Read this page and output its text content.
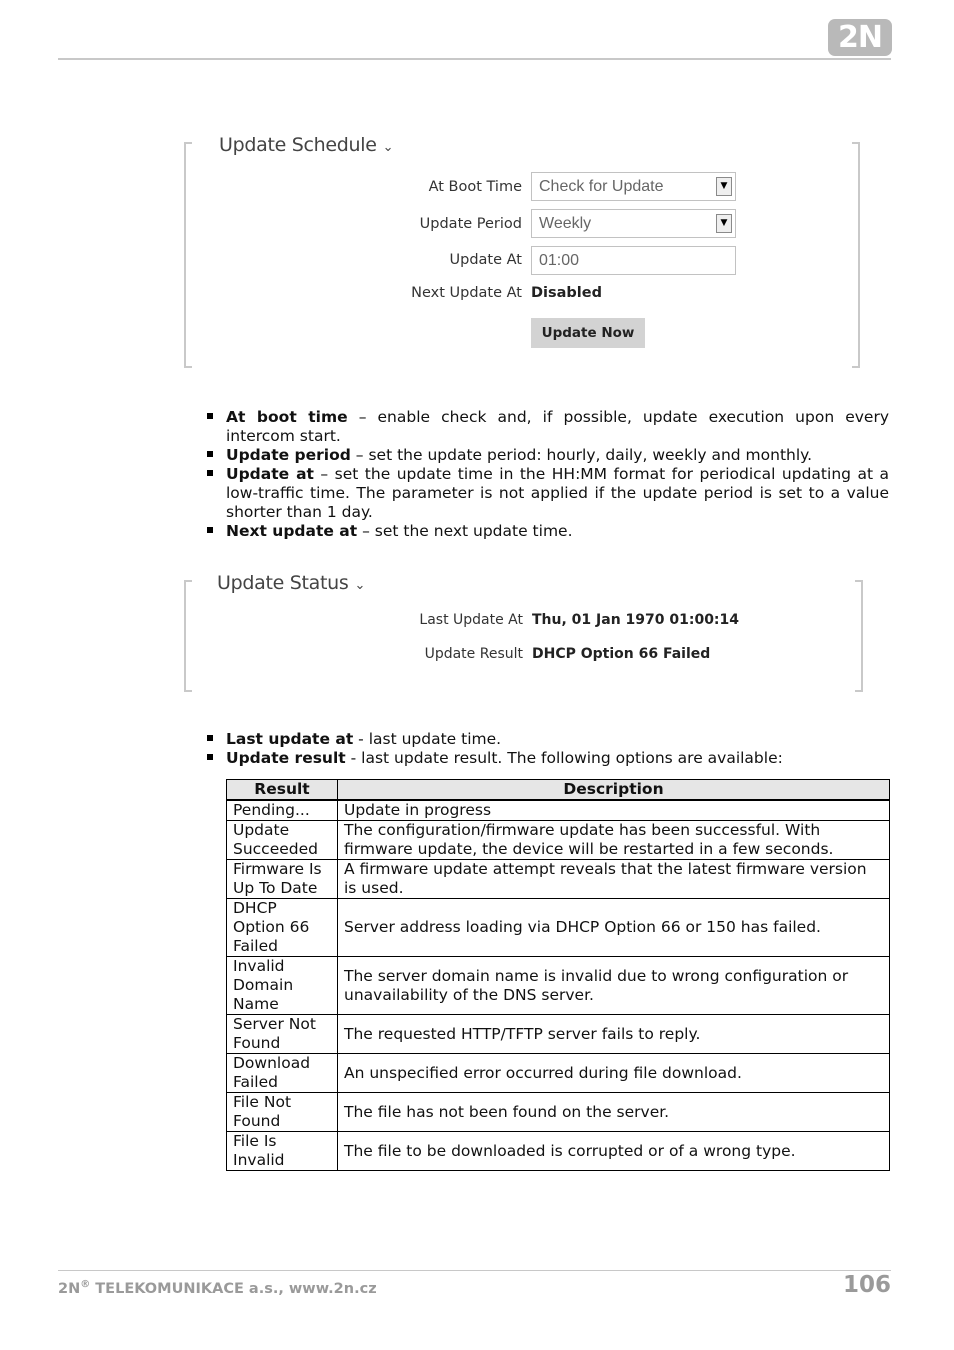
2N
Update Schedule ⌄
At Boot Time Check for Update	▼
Update Period Weekly	▼
Update At 01:00
Next Update At Disabled
Update Now
At boot time – enable check and, if possible, update execution upon every intercom start.
Update period – set the update period: hourly, daily, weekly and monthly.
Update at – set the update time in the HH:MM format for periodical updating at a low-traffic time. The parameter is not applied if the update period is set to a value shorter than 1 day.
Next update at – set the next update time.
Update Status ⌄
Last Update At Thu, 01 Jan 1970 01:00:14
Update Result DHCP Option 66 Failed
Last update at - last update time.
Update result - last update result. The following options are available:
Result	Description
Pending...	Update in progress
Update Succeeded	The configuration/firmware update has been successful. With firmware update, the device will be restarted in a few seconds.
Firmware Is Up To Date	A firmware update attempt reveals that the latest firmware version is used.
DHCP Option 66 Failed	Server address loading via DHCP Option 66 or 150 has failed.
Invalid Domain Name	The server domain name is invalid due to wrong configuration or unavailability of the DNS server.
Server Not Found	The requested HTTP/TFTP server fails to reply.
Download Failed	An unspecified error occurred during file download.
File Not Found	The file has not been found on the server.
File Is Invalid	The file to be downloaded is corrupted or of a wrong type.
2N® TELEKOMUNIKACE a.s., www.2n.cz	106
